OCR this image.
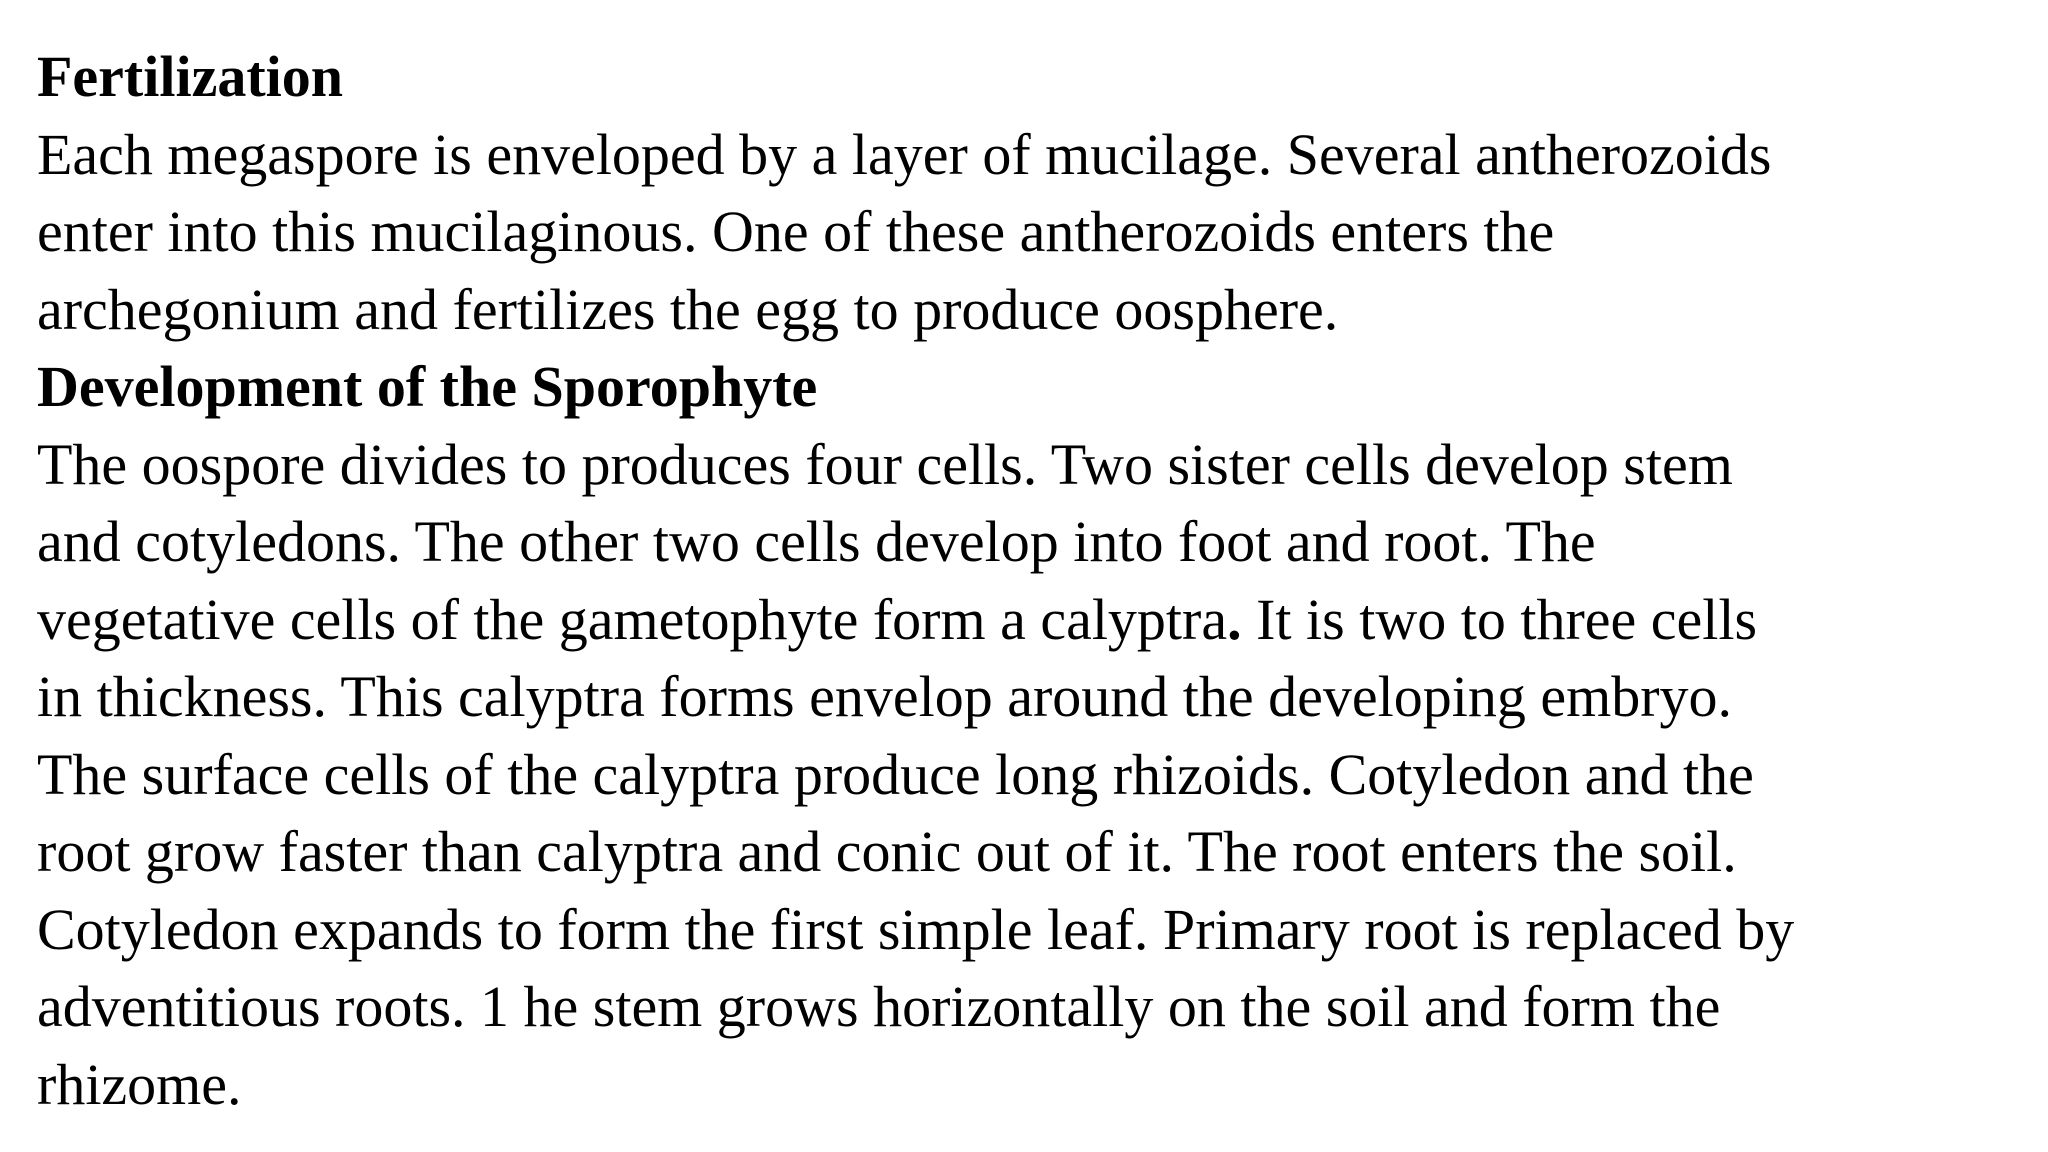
Fertilization
Each megaspore is enveloped by a layer of mucilage. Several antherozoids
enter into this mucilaginous. One of these antherozoids enters the
archegonium and fertilizes the egg to produce oosphere.
Development of the Sporophyte
The oospore divides to produces four cells. Two sister cells develop stem
and cotyledons. The other two cells develop into foot and root. The
vegetative cells of the gametophyte form a calyptra. It is two to three cells
in thickness. This calyptra forms envelop around the developing embryo.
The surface cells of the calyptra produce long rhizoids. Cotyledon and the
root grow faster than calyptra and conic out of it. The root enters the soil.
Cotyledon expands to form the first simple leaf. Primary root is replaced by
adventitious roots. 1 he stem grows horizontally on the soil and form the
rhizome.
